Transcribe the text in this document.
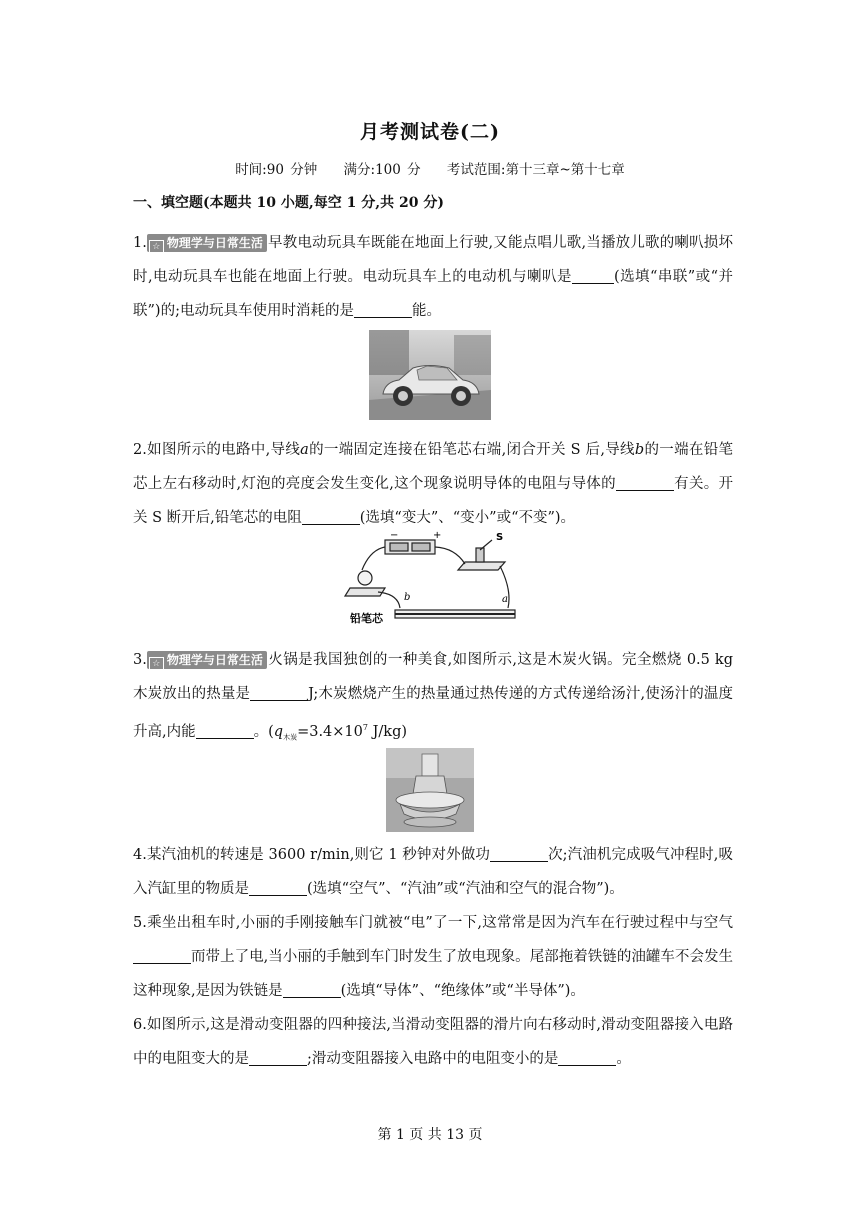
月考测试卷(二)
时间:90 分钟 满分:100 分 考试范围:第十三章~第十七章
一、填空题(本题共 10 小题,每空 1 分,共 20 分)
1. ☆ 物理学与日常生活 早教电动玩具车既能在地面上行驶,又能点唱儿歌,当播放儿歌的喇叭损坏时,电动玩具车也能在地面上行驶。电动玩具车上的电动机与喇叭是	(选填“串联”或“并联”)的;电动玩具车使用时消耗的是	能。
2.如图所示的电路中,导线a的一端固定连接在铅笔芯右端,闭合开关 S 后,导线b的一端在铅笔芯上左右移动时,灯泡的亮度会发生变化,这个现象说明导体的电阻与导体的	有关。开关 S 断开后,铅笔芯的电阻	(选填“变大”、“变小”或“不变”)。
−	+	S
b	a
铅笔芯
3. ☆ 物理学与日常生活 火锅是我国独创的一种美食,如图所示,这是木炭火锅。完全燃烧 0.5 kg 木炭放出的热量是	J;木炭燃烧产生的热量通过热传递的方式传递给汤汁,使汤汁的温度升高,内能	。($q_{木炭}=3.4\times 10^7$ J/kg)
4.某汽油机的转速是 3600 r/min,则它 1 秒钟对外做功	次;汽油机完成吸气冲程时,吸入汽缸里的物质是	(选填“空气”、“汽油”或“汽油和空气的混合物”)。
5.乘坐出租车时,小丽的手刚接触车门就被“电”了一下,这常常是因为汽车在行驶过程中与空气而带上了电,当小丽的手触到车门时发生了放电现象。尾部拖着铁链的油罐车不会发生这种现象,是因为铁链是	(选填“导体”、“绝缘体”或“半导体”)。
6.如图所示,这是滑动变阻器的四种接法,当滑动变阻器的滑片向右移动时,滑动变阻器接入电路中的电阻变大的是	;滑动变阻器接入电路中的电阻变小的是	。
第 1 页 共 13 页
